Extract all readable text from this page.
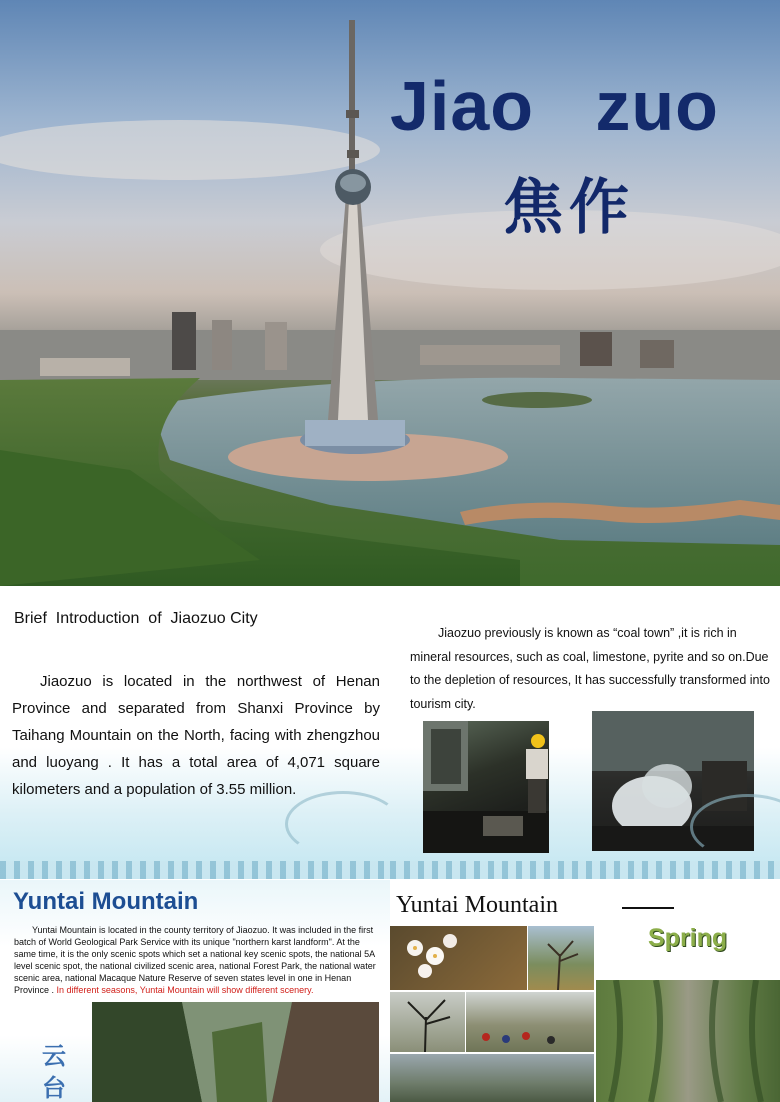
Jiao   zuo
焦作
Brief  Introduction  of  Jiaozuo City
Jiaozuo is located in the northwest of Henan Province and separated from Shanxi Province by Taihang Mountain on the North, facing with zhengzhou and luoyang . It has a total area of 4,071 square kilometers and a population of 3.55 million.
Jiaozuo previously is known as “coal town” ,it is rich in mineral resources, such as coal, limestone, pyrite and so on.Due to the depletion of resources, It has successfully transformed into tourism city.
Yuntai Mountain
Yuntai Mountain is located in the county territory of Jiaozuo. It was included in the first batch of World Geological Park Service with its unique "northern karst landform". At the same time, it is the only scenic spots which set a national key scenic spots, the national 5A level scenic spot, the national civilized scenic area, national Forest Park, the national water scenic area, national Macaque Nature Reserve of seven states level in one in Henan Province . In different seasons, Yuntai Mountain will show different scenery.
云
台
Yuntai Mountain
Spring
